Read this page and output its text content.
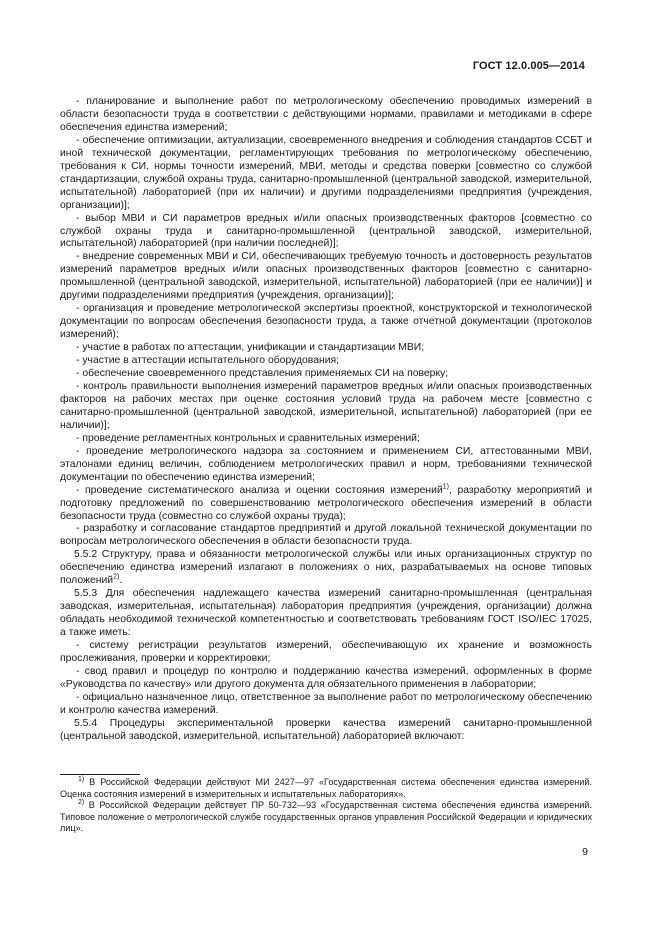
ГОСТ 12.0.005—2014

- планирование и выполнение работ по метрологическому обеспечению проводимых измерений в области безопасности труда в соответствии с действующими нормами, правилами и методиками в сфере обеспечения единства измерений;

- обеспечение оптимизации, актуализации, своевременного внедрения и соблюдения стандартов ССБТ и иной технической документации, регламентирующих требования по метрологическому обеспечению, требования к СИ, нормы точности измерений, МВИ, методы и средства поверки [совместно со службой стандартизации, службой охраны труда, санитарно-промышленной (центральной заводской, измерительной, испытательной) лабораторией (при их наличии) и другими подразделениями предприятия (учреждения, организации)];

- выбор МВИ и СИ параметров вредных и/или опасных производственных факторов [совместно со службой охраны труда и санитарно-промышленной (центральной заводской, измерительной, испытательной) лабораторией (при наличии последней)];

- внедрение современных МВИ и СИ, обеспечивающих требуемую точность и достоверность результатов измерений параметров вредных и/или опасных производственных факторов [совместно с санитарно-промышленной (центральной заводской, измерительной, испытательной) лабораторией (при ее наличии)] и другими подразделениями предприятия (учреждения, организации)];

- организация и проведение метрологической экспертизы проектной, конструкторской и технологической документации по вопросам обеспечения безопасности труда, а также отчетной документации (протоколов измерений);

- участие в работах по аттестации, унификации и стандартизации МВИ;

- участие в аттестации испытательного оборудования;

- обеспечение своевременного представления применяемых СИ на поверку;

- контроль правильности выполнения измерений параметров вредных и/или опасных производственных факторов на рабочих местах при оценке состояния условий труда на рабочем месте [совместно с санитарно-промышленной (центральной заводской, измерительной, испытательной) лабораторией (при ее наличии)];

- проведение регламентных контрольных и сравнительных измерений;

- проведение метрологического надзора за состоянием и применением СИ, аттестованными МВИ, эталонами единиц величин, соблюдением метрологических правил и норм, требованиями технической документации по обеспечению единства измерений;

- проведение систематического анализа и оценки состояния измерений$^{1)}$, разработку мероприятий и подготовку предложений по совершенствованию метрологического обеспечения измерений в области безопасности труда (совместно со службой охраны труда);

- разработку и согласование стандартов предприятий и другой локальной технической документации по вопросам метрологического обеспечения в области безопасности труда.

5.5.2 Структуру, права и обязанности метрологической службы или иных организационных структур по обеспечению единства измерений излагают в положениях о них, разрабатываемых на основе типовых положений$^{2)}$.

5.5.3 Для обеспечения надлежащего качества измерений санитарно-промышленная (центральная заводская, измерительная, испытательная) лаборатория предприятия (учреждения, организации) должна обладать необходимой технической компетентностью и соответствовать требованиям ГОСТ ISO/IEC 17025, а также иметь:

- систему регистрации результатов измерений, обеспечивающую их хранение и возможность прослеживания, проверки и корректировки;

- свод правил и процедур по контролю и поддержанию качества измерений, оформленных в форме «Руководства по качеству» или другого документа для обязательного применения в лаборатории;

- официально назначенное лицо, ответственное за выполнение работ по метрологическому обеспечению и контролю качества измерений.

5.5.4 Процедуры экспериментальной проверки качества измерений санитарно-промышленной (центральной заводской, измерительной, испытательной) лабораторией включают:

$^{1)}$ В Российской Федерации действуют МИ 2427—97 «Государственная система обеспечения единства измерений. Оценка состояния измерений в измерительных и испытательных лабораториях».

$^{2)}$ В Российской Федерации действует ПР 50-732—93 «Государственная система обеспечения единства измерений. Типовое положение о метрологической службе государственных органов управления Российской Федерации и юридических лиц».

9
